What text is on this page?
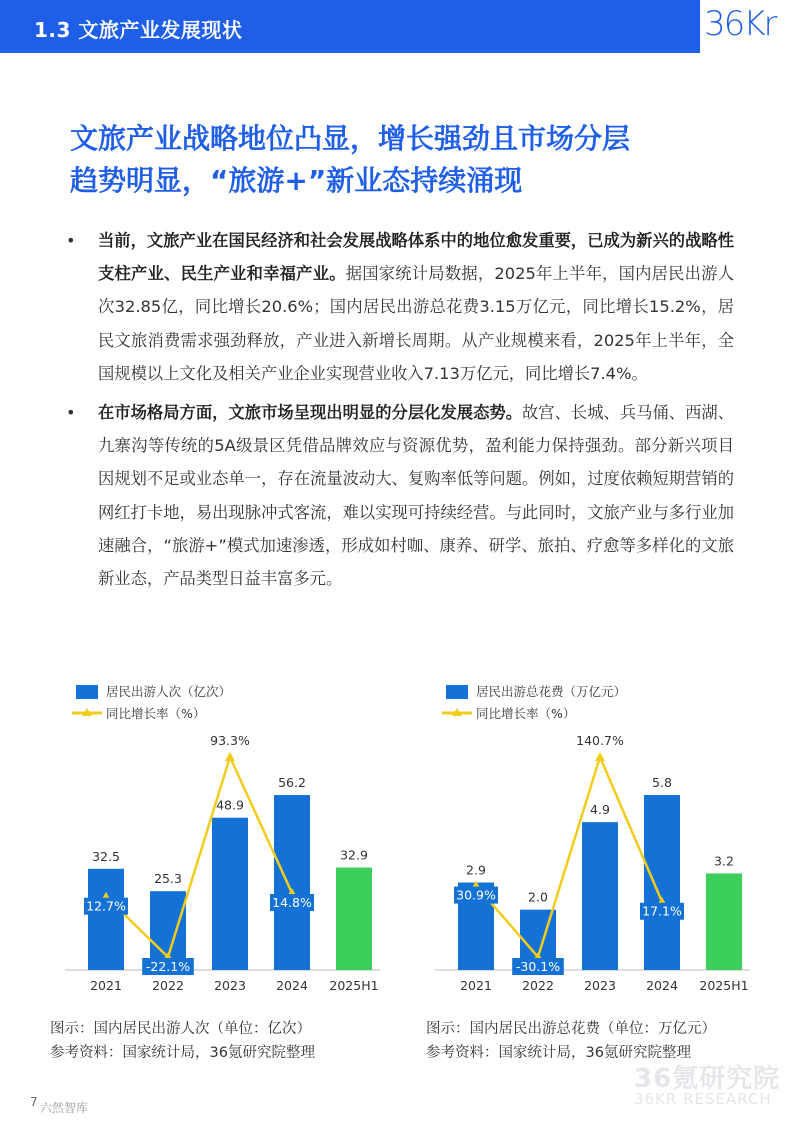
1.3 文旅产业发展现状	36Kr
文旅产业战略地位凸显，增长强劲且市场分层
趋势明显，“旅游+”新业态持续涌现

• 当前，文旅产业在国民经济和社会发展战略体系中的地位愈发重要，已成为新兴的战略性支柱产业、民生产业和幸福产业。据国家统计局数据，2025年上半年，国内居民出游人次32.85亿，同比增长20.6%；国内居民出游总花费3.15万亿元，同比增长15.2%，居民文旅消费需求强劲释放，产业进入新增长周期。从产业规模来看，2025年上半年，全国规模以上文化及相关产业企业实现营业收入7.13万亿元，同比增长7.4%。

• 在市场格局方面，文旅市场呈现出明显的分层化发展态势。故宫、长城、兵马俑、西湖、九寨沟等传统的5A级景区凭借品牌效应与资源优势，盈利能力保持强劲。部分新兴项目因规划不足或业态单一，存在流量波动大、复购率低等问题。例如，过度依赖短期营销的网红打卡地，易出现脉冲式客流，难以实现可持续经营。与此同时，文旅产业与多行业加速融合，“旅游+”模式加速渗透，形成如村咖、康养、研学、旅拍、疗愈等多样化的文旅新业态，产品类型日益丰富多元。

居民出游人次（亿次）
同比增长率（%）
32.5
2021
25.3
2022
48.9
2023
56.2
2024
32.9
2025H1
12.7%
-22.1%
93.3%
14.8%
居民出游总花费（万亿元）
同比增长率（%）
2.9
2021
2.0
2022
4.9
2023
5.8
2024
3.2
2025H1
30.9%
-30.1%
140.7%
17.1%
图示：国内居民出游人次（单位：亿次）
参考资料：国家统计局，36氪研究院整理
图示：国内居民出游总花费（单位：万亿元）
参考资料：国家统计局，36氪研究院整理
36氪研究院
36KR RESEARCH
7 六然智库
